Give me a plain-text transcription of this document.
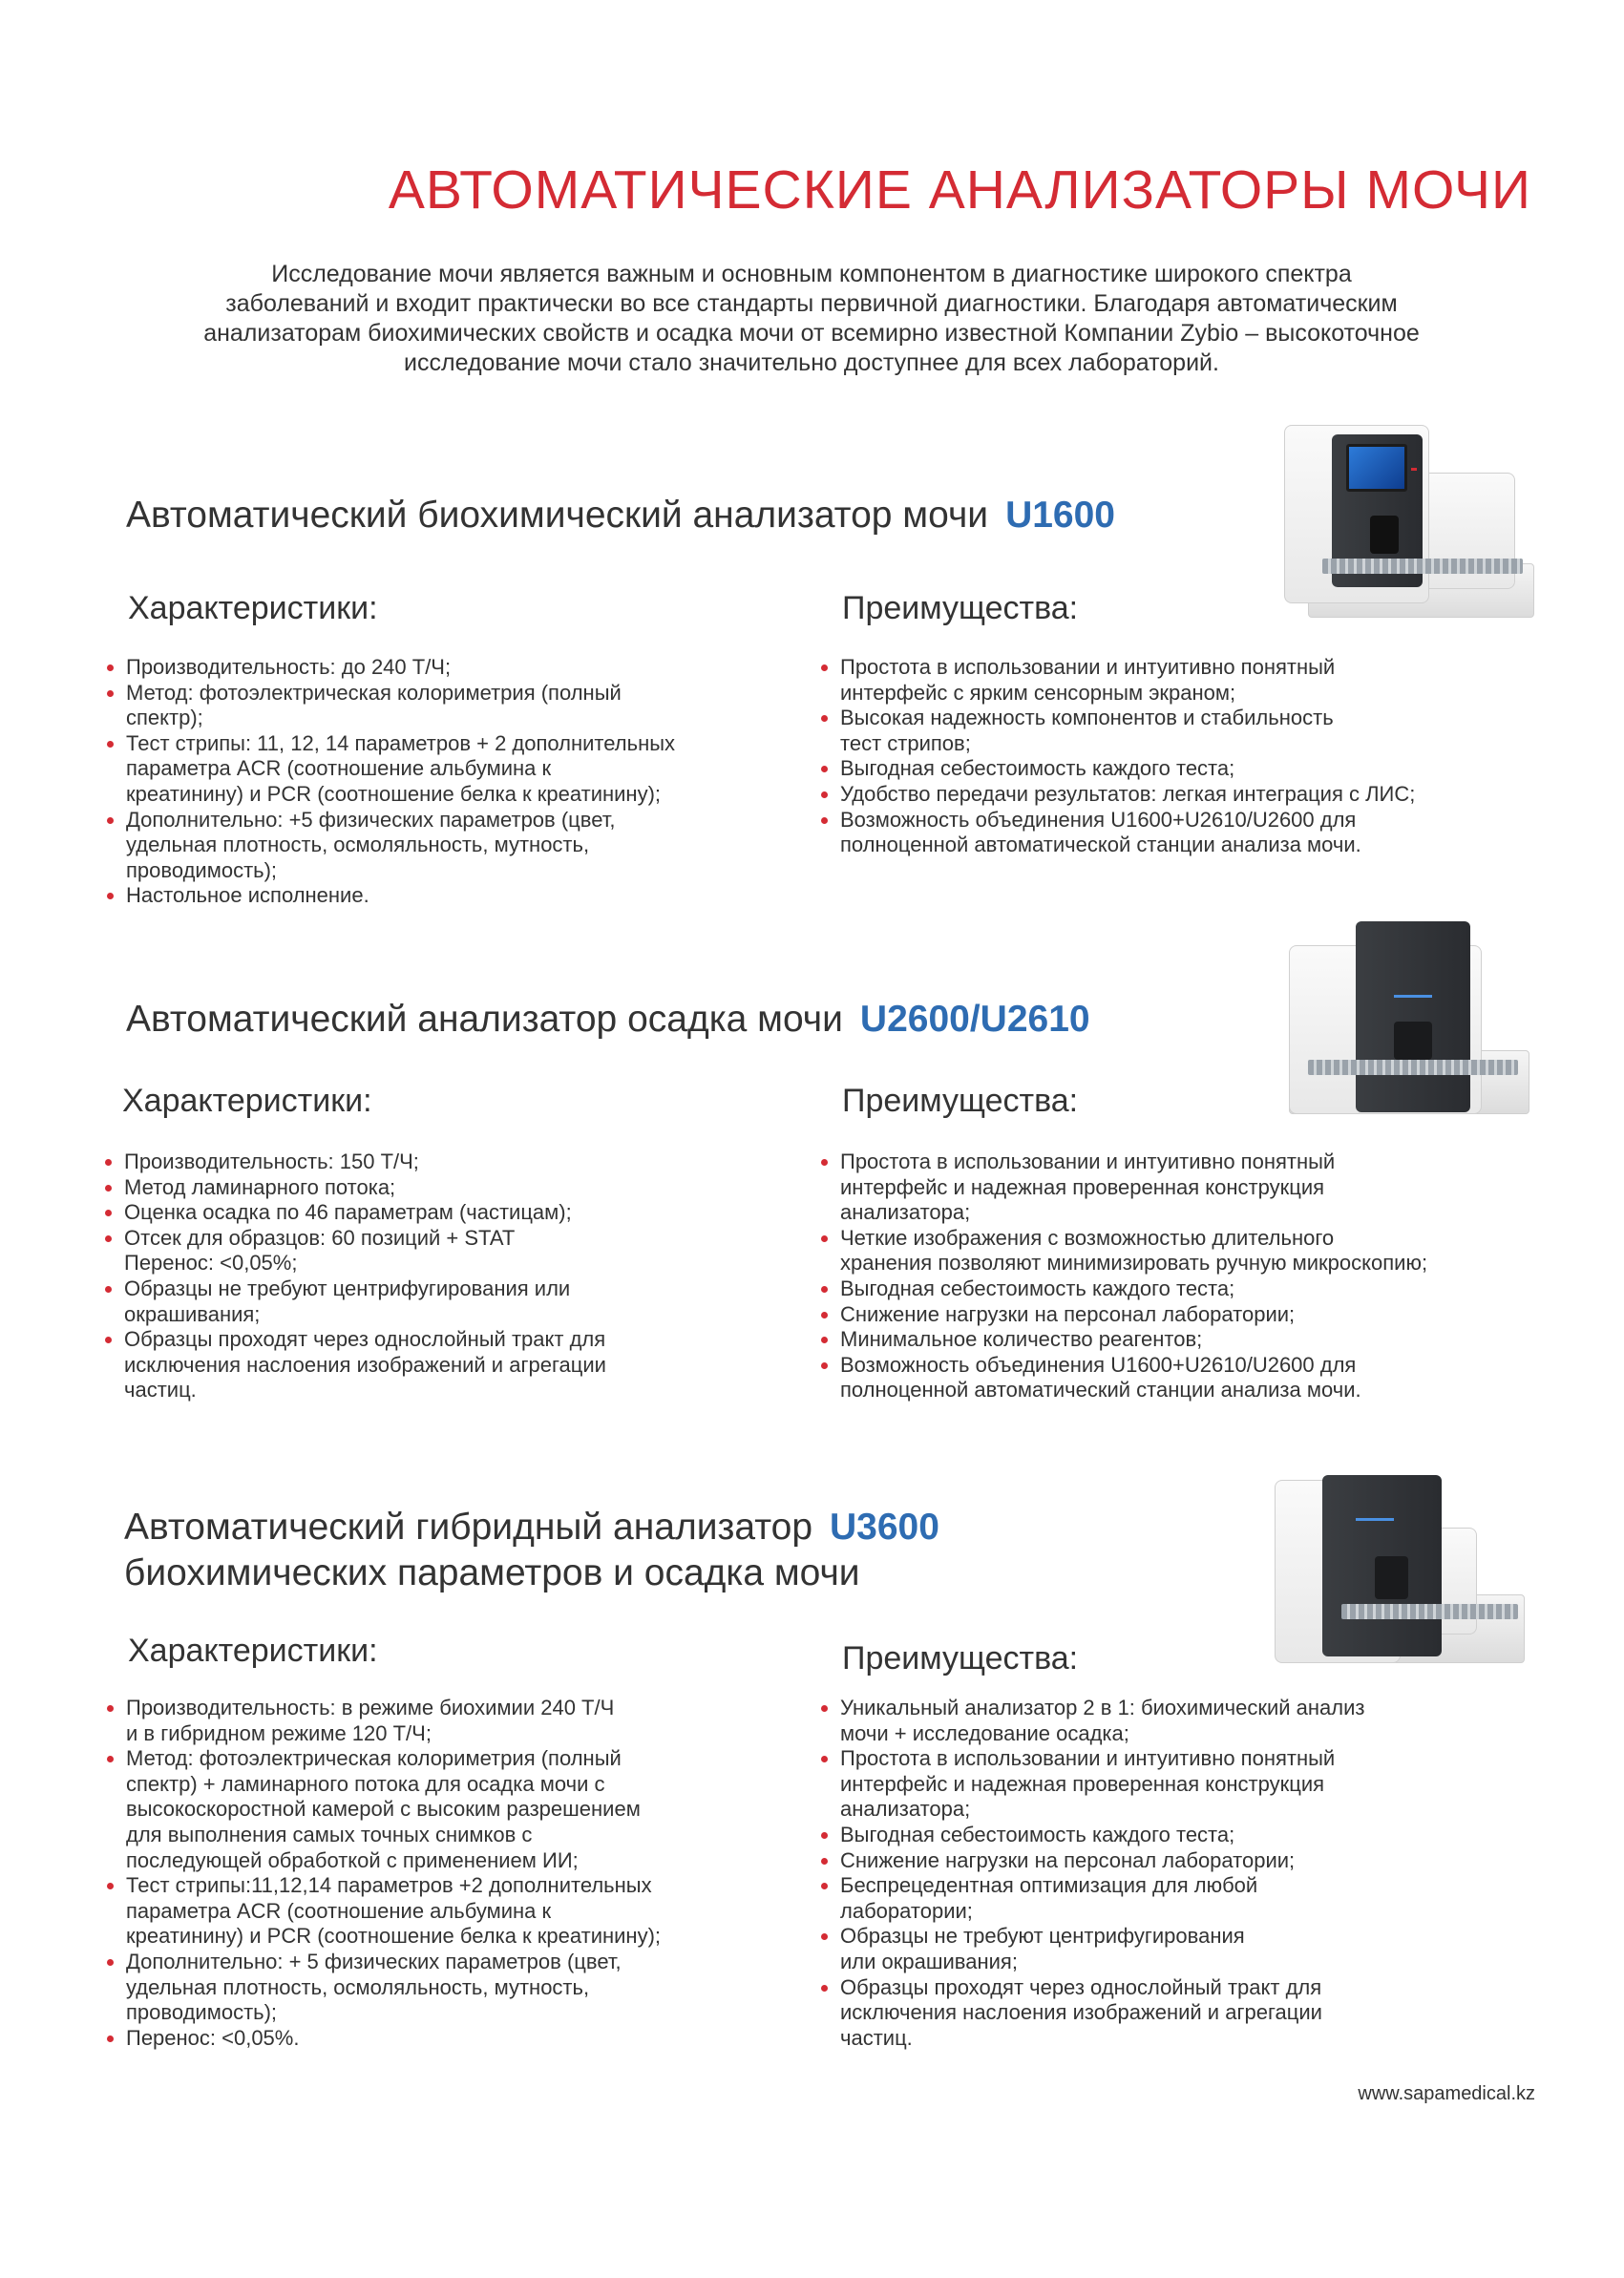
АВТОМАТИЧЕСКИЕ АНАЛИЗАТОРЫ МОЧИ
Исследование мочи является важным и основным компонентом в диагностике широкого спектра
заболеваний и входит практически во все стандарты первичной диагностики. Благодаря автоматическим
анализаторам биохимических свойств и осадка мочи от всемирно известной Компании Zybio – высокоточное
исследование мочи стало значительно доступнее для всех лабораторий.

Автоматический биохимический анализатор мочи U1600

Характеристики:	Преимущества:
Производительность: до 240 Т/Ч;
Метод: фотоэлектрическая колориметрия (полный
спектр);
Тест стрипы: 11, 12, 14 параметров + 2 дополнительных
параметра ACR (соотношение альбумина к
креатинину) и PCR (соотношение белка к креатинину);
Дополнительно: +5 физических параметров (цвет,
удельная плотность, осмоляльность, мутность,
проводимость);
Настольное исполнение.
Простота в использовании и интуитивно понятный
интерфейс с ярким сенсорным экраном;
Высокая надежность компонентов и стабильность
тест стрипов;
Выгодная себестоимость каждого теста;
Удобство передачи результатов: легкая интеграция с ЛИС;
Возможность объединения U1600+U2610/U2600 для
полноценной автоматической станции анализа мочи.

Автоматический анализатор осадка мочи U2600/U2610

Характеристики:	Преимущества:
Производительность: 150 Т/Ч;
Метод ламинарного потока;
Оценка осадка по 46 параметрам (частицам);
Отсек для образцов: 60 позиций + STAT
Перенос: <0,05%;
Образцы не требуют центрифугирования или
окрашивания;
Образцы проходят через однослойный тракт для
исключения наслоения изображений и агрегации
частиц.
Простота в использовании и интуитивно понятный
интерфейс и надежная проверенная конструкция
анализатора;
Четкие изображения с возможностью длительного
хранения позволяют минимизировать ручную микроскопию;
Выгодная себестоимость каждого теста;
Снижение нагрузки на персонал лаборатории;
Минимальное количество реагентов;
Возможность объединения U1600+U2610/U2600 для
полноценной автоматический станции анализа мочи.

Автоматический гибридный анализатор U3600

биохимических параметров и осадка мочи

Характеристики:	Преимущества:
Производительность: в режиме биохимии 240 Т/Ч
и в гибридном режиме 120 Т/Ч;
Метод: фотоэлектрическая колориметрия (полный
спектр) + ламинарного потока для осадка мочи с
высокоскоростной камерой с высоким разрешением
для выполнения самых точных снимков с
последующей обработкой с применением ИИ;
Тест стрипы:11,12,14 параметров +2 дополнительных
параметра ACR (соотношение альбумина к
креатинину) и PCR (соотношение белка к креатинину);
Дополнительно: + 5 физических параметров (цвет,
удельная плотность, осмоляльность, мутность,
проводимость);
Перенос: <0,05%.
Уникальный анализатор 2 в 1: биохимический анализ
мочи + исследование осадка;
Простота в использовании и интуитивно понятный
интерфейс и надежная проверенная конструкция
анализатора;
Выгодная себестоимость каждого теста;
Снижение нагрузки на персонал лаборатории;
Беспрецедентная оптимизация для любой
лаборатории;
Образцы не требуют центрифугирования
или окрашивания;
Образцы проходят через однослойный тракт для
исключения наслоения изображений и агрегации
частиц.
www.sapamedical.kz
